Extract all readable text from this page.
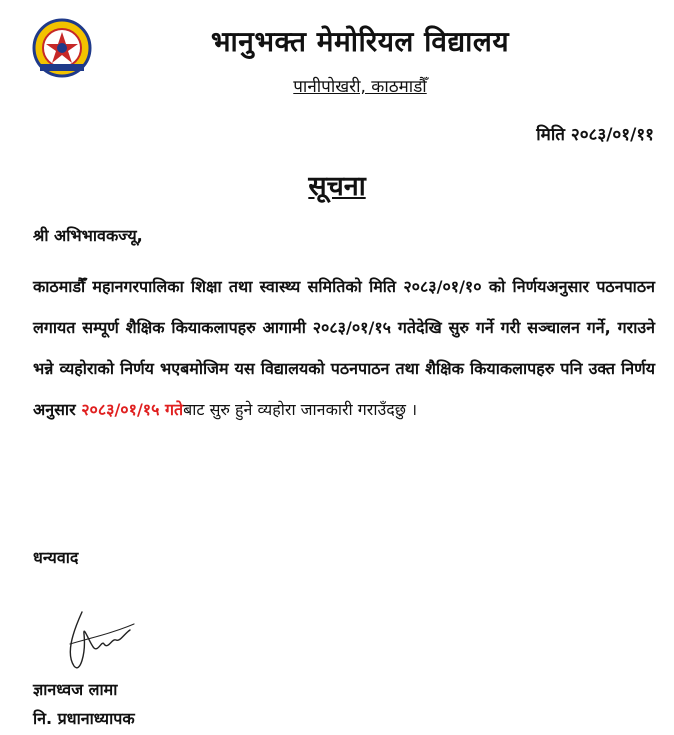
भानुभक्त मेमोरियल विद्यालय
पानीपोखरी, काठमाडौँ
मिति २०८३/०१/११
सूचना
श्री अभिभावकज्यू,
काठमाडौँ महानगरपालिका शिक्षा तथा स्वास्थ्य समितिको मिति २०८३/०१/१० को निर्णयअनुसार पठनपाठन लगायत सम्पूर्ण शैक्षिक कियाकलापहरु आगामी २०८३/०१/१५ गतेदेखि सुरु गर्ने गरी सञ्चालन गर्ने, गराउने भन्ने व्यहोराको निर्णय भएबमोजिम यस विद्यालयको पठनपाठन तथा शैक्षिक कियाकलापहरु पनि उक्त निर्णय अनुसार २०८३/०१/१५ गतेबाट सुरु हुने व्यहोरा जानकारी गराउँदछु ।
धन्यवाद
ज्ञानध्वज लामा
नि. प्रधानाध्यापक
